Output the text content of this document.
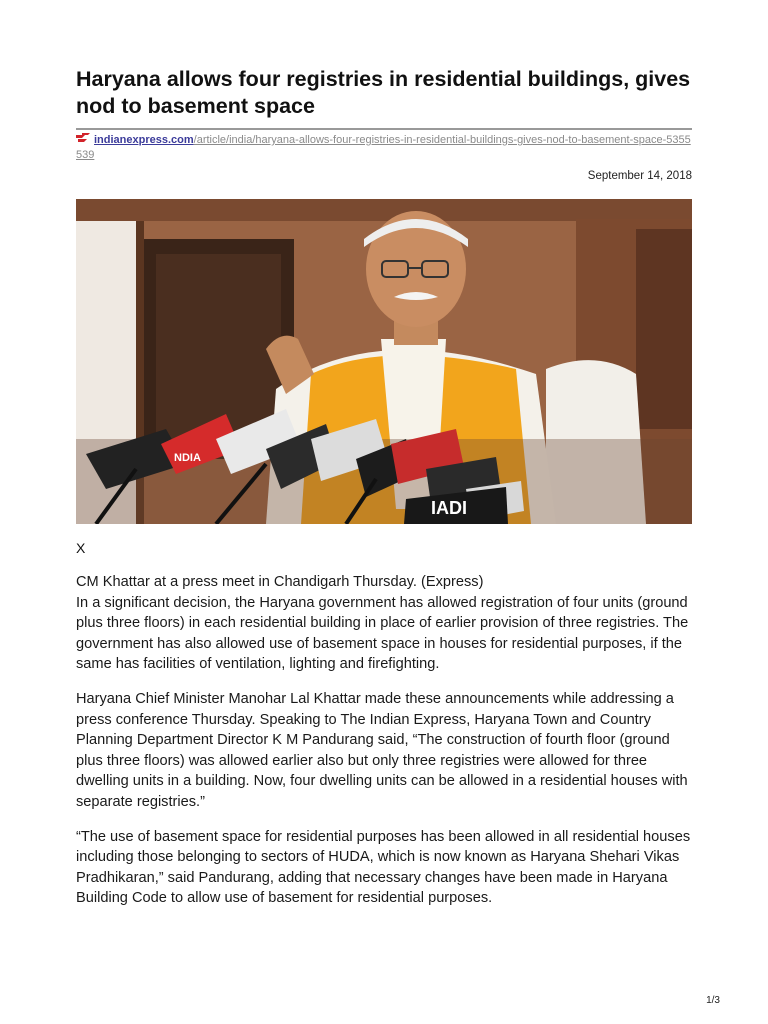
Haryana allows four registries in residential buildings, gives nod to basement space
indianexpress.com/article/india/haryana-allows-four-registries-in-residential-buildings-gives-nod-to-basement-space-5355539
September 14, 2018
IADI
NDIA
X

CM Khattar at a press meet in Chandigarh Thursday. (Express)
In a significant decision, the Haryana government has allowed registration of four units (ground plus three floors) in each residential building in place of earlier provision of three registries. The government has also allowed use of basement space in houses for residential purposes, if the same has facilities of ventilation, lighting and firefighting.

Haryana Chief Minister Manohar Lal Khattar made these announcements while addressing a press conference Thursday. Speaking to The Indian Express, Haryana Town and Country Planning Department Director K M Pandurang said, “The construction of fourth floor (ground plus three floors) was allowed earlier also but only three registries were allowed for three dwelling units in a building. Now, four dwelling units can be allowed in a residential houses with separate registries.”

“The use of basement space for residential purposes has been allowed in all residential houses including those belonging to sectors of HUDA, which is now known as Haryana Shehari Vikas Pradhikaran,” said Pandurang, adding that necessary changes have been made in Haryana Building Code to allow use of basement for residential purposes.

1/3
